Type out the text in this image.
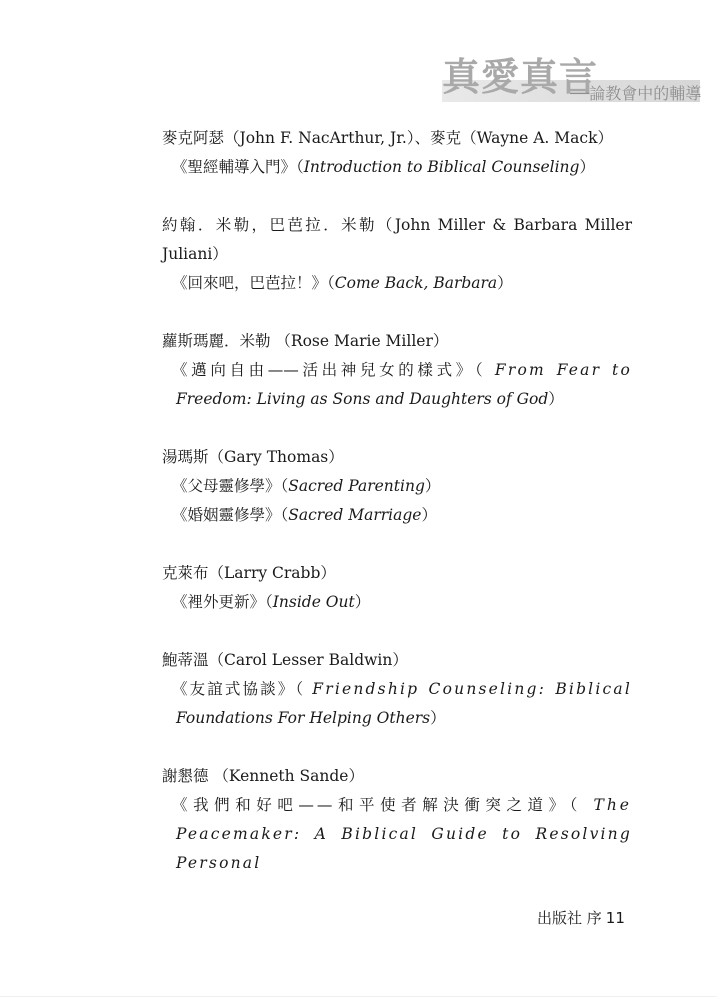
真愛真言
──論教會中的輔導
麥克阿瑟（John F. NacArthur, Jr.）、麥克（Wayne A. Mack）
《聖經輔導入門》（Introduction to Biblical Counseling）
約翰．米勒，巴芭拉．米勒（John Miller & Barbara Miller
Juliani）
《回來吧，巴芭拉！》（Come Back, Barbara）
蘿斯瑪麗．米勒 （Rose Marie Miller）
《邁向自由——活出神兒女的樣式》（ From Fear to
Freedom: Living as Sons and Daughters of God）
湯瑪斯（Gary Thomas）
《父母靈修學》（Sacred Parenting）
《婚姻靈修學》（Sacred Marriage）
克萊布（Larry Crabb）
《裡外更新》（Inside Out）
鮑蒂溫（Carol Lesser Baldwin）
《友誼式協談》（ Friendship Counseling: Biblical
Foundations For Helping Others）
謝懇德 （Kenneth Sande）
《我們和好吧——和平使者解決衝突之道》（ The
Peacemaker: A Biblical Guide to Resolving Personal
出版社 序 11
